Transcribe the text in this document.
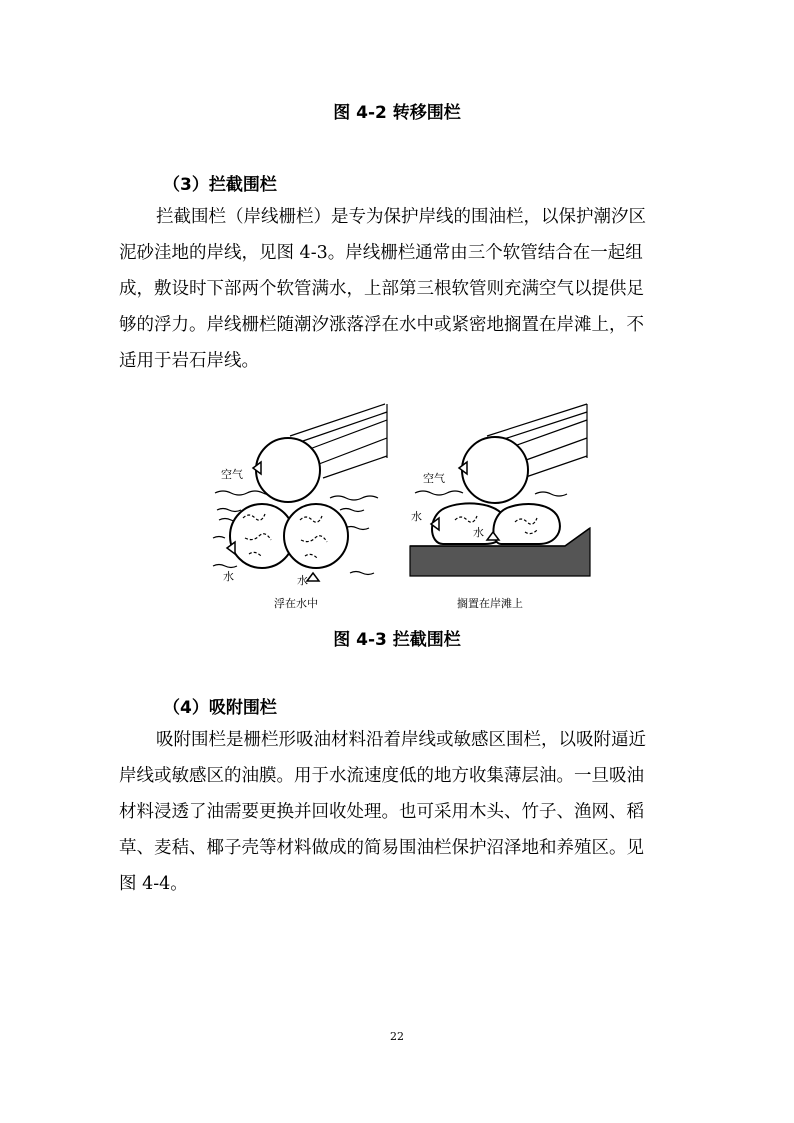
图 4-2 转移围栏
（3）拦截围栏

拦截围栏（岸线栅栏）是专为保护岸线的围油栏，以保护潮汐区
泥砂洼地的岸线，见图 4-3。岸线栅栏通常由三个软管结合在一起组
成，敷设时下部两个软管满水，上部第三根软管则充满空气以提供足
够的浮力。岸线栅栏随潮汐涨落浮在水中或紧密地搁置在岸滩上，不
适用于岩石岸线。

空气
水	水
浮在水中
空气
水
水
搁置在岸滩上
图 4-3 拦截围栏
（4）吸附围栏

吸附围栏是栅栏形吸油材料沿着岸线或敏感区围栏，以吸附逼近
岸线或敏感区的油膜。用于水流速度低的地方收集薄层油。一旦吸油
材料浸透了油需要更换并回收处理。也可采用木头、竹子、渔网、稻
草、麦秸、椰子壳等材料做成的简易围油栏保护沼泽地和养殖区。见
图 4-4。

22
